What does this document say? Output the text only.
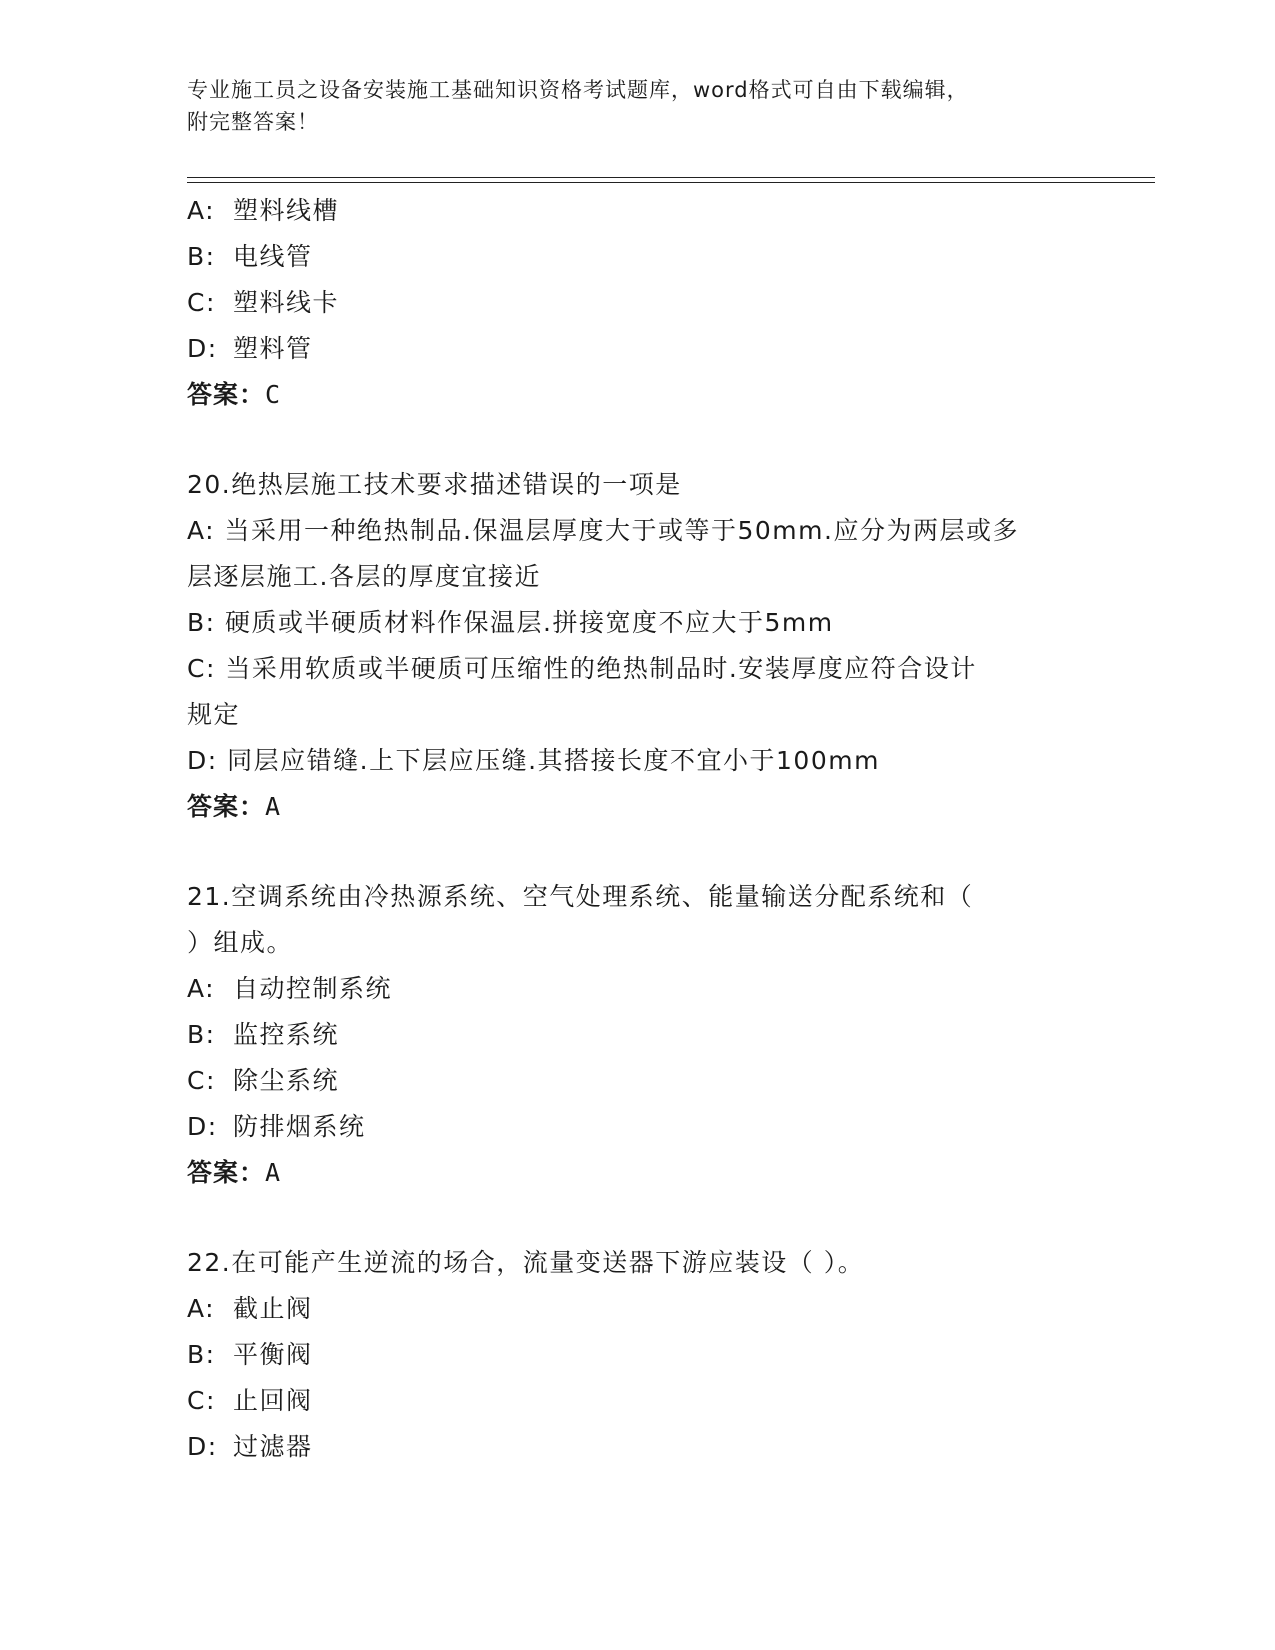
专业施工员之设备安装施工基础知识资格考试题库，word格式可自由下载编辑，
附完整答案！
A: 塑料线槽
B: 电线管
C: 塑料线卡
D: 塑料管
答案：C
20.绝热层施工技术要求描述错误的一项是
A: 当采用一种绝热制品.保温层厚度大于或等于50mm.应分为两层或多
层逐层施工.各层的厚度宜接近
B: 硬质或半硬质材料作保温层.拼接宽度不应大于5mm
C: 当采用软质或半硬质可压缩性的绝热制品时.安装厚度应符合设计
规定
D: 同层应错缝.上下层应压缝.其搭接长度不宜小于100mm
答案：A
21.空调系统由冷热源系统、空气处理系统、能量输送分配系统和（
）组成。
A: 自动控制系统
B: 监控系统
C: 除尘系统
D: 防排烟系统
答案：A
22.在可能产生逆流的场合，流量变送器下游应装设（ ）。
A: 截止阀
B: 平衡阀
C: 止回阀
D: 过滤器
